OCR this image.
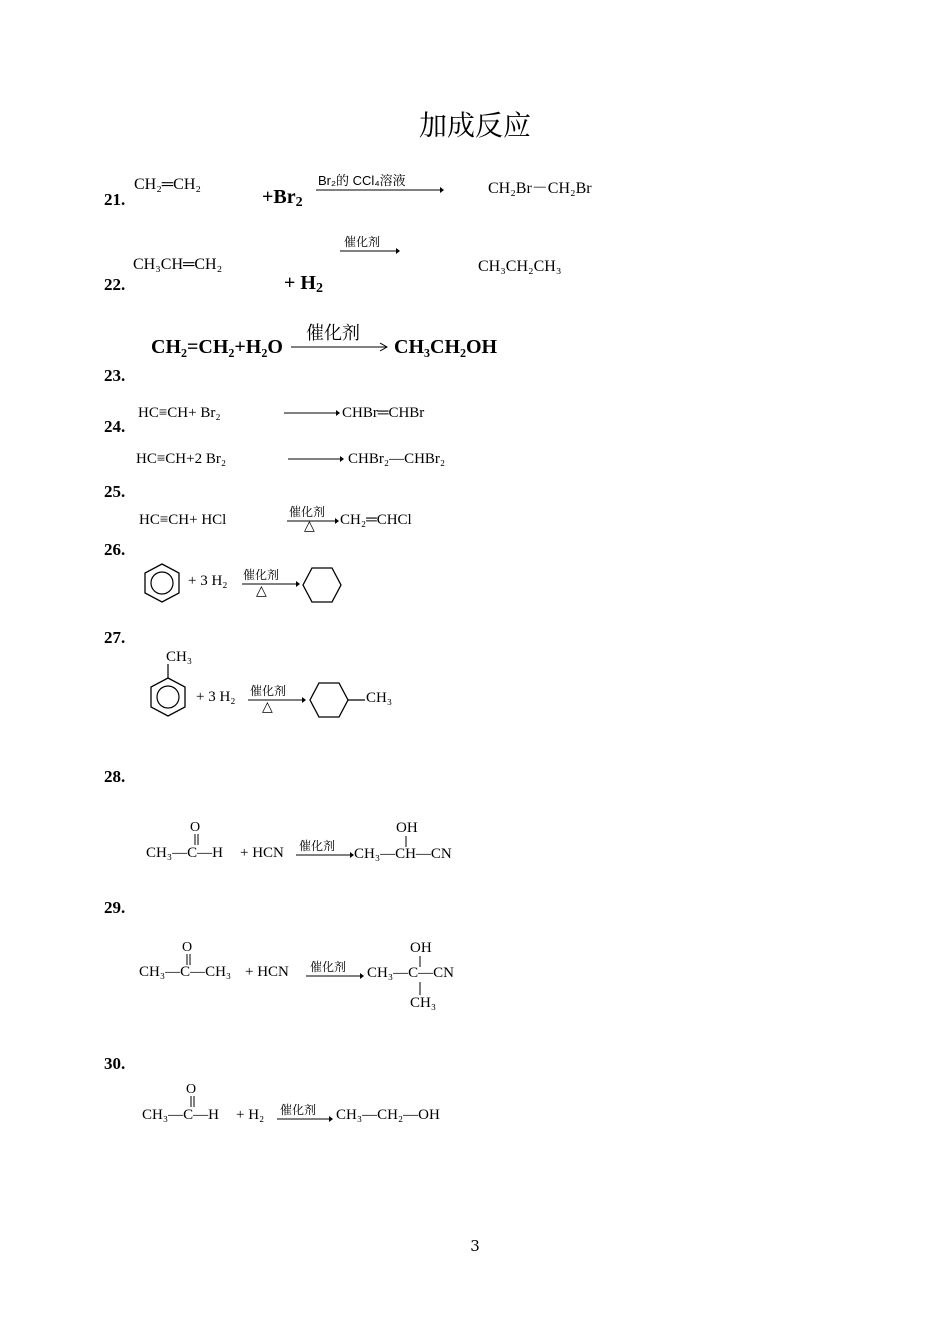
加成反应
21.
CH₂═CH₂
$+Br_2$
Br₂的 CCl₄溶液	CH₂Br－CH₂Br
22.
CH₃CH═CH₂
+ $H_2$
催化剂
CH₃CH₂CH₃
CH₂=CH₂+H₂O
催化剂
CH₃CH₂OH
23.
24.
HC≡CH+ Br₂	→ CHBr═CHBr
HC≡CH+2 Br₂	→ CHBr₂—CHBr₂
25.
HC≡CH+ HCl	催化剂
△ CH₂═CHCl
26.
+ 3 H₂ 催化剂
△
27.
CH₃
+ 3 H₂ 催化剂
△
CH₃
28.
O
CH₃—C—H + HCN 催化剂
OH
CH₃—CH—CN
29.
O
CH₃—C—CH₃ + HCN 催化剂
OH
CH₃—C—CN
CH₃
30.
O
CH₃—C—H + H₂ 催化剂 → CH₃—CH₂—OH
3
